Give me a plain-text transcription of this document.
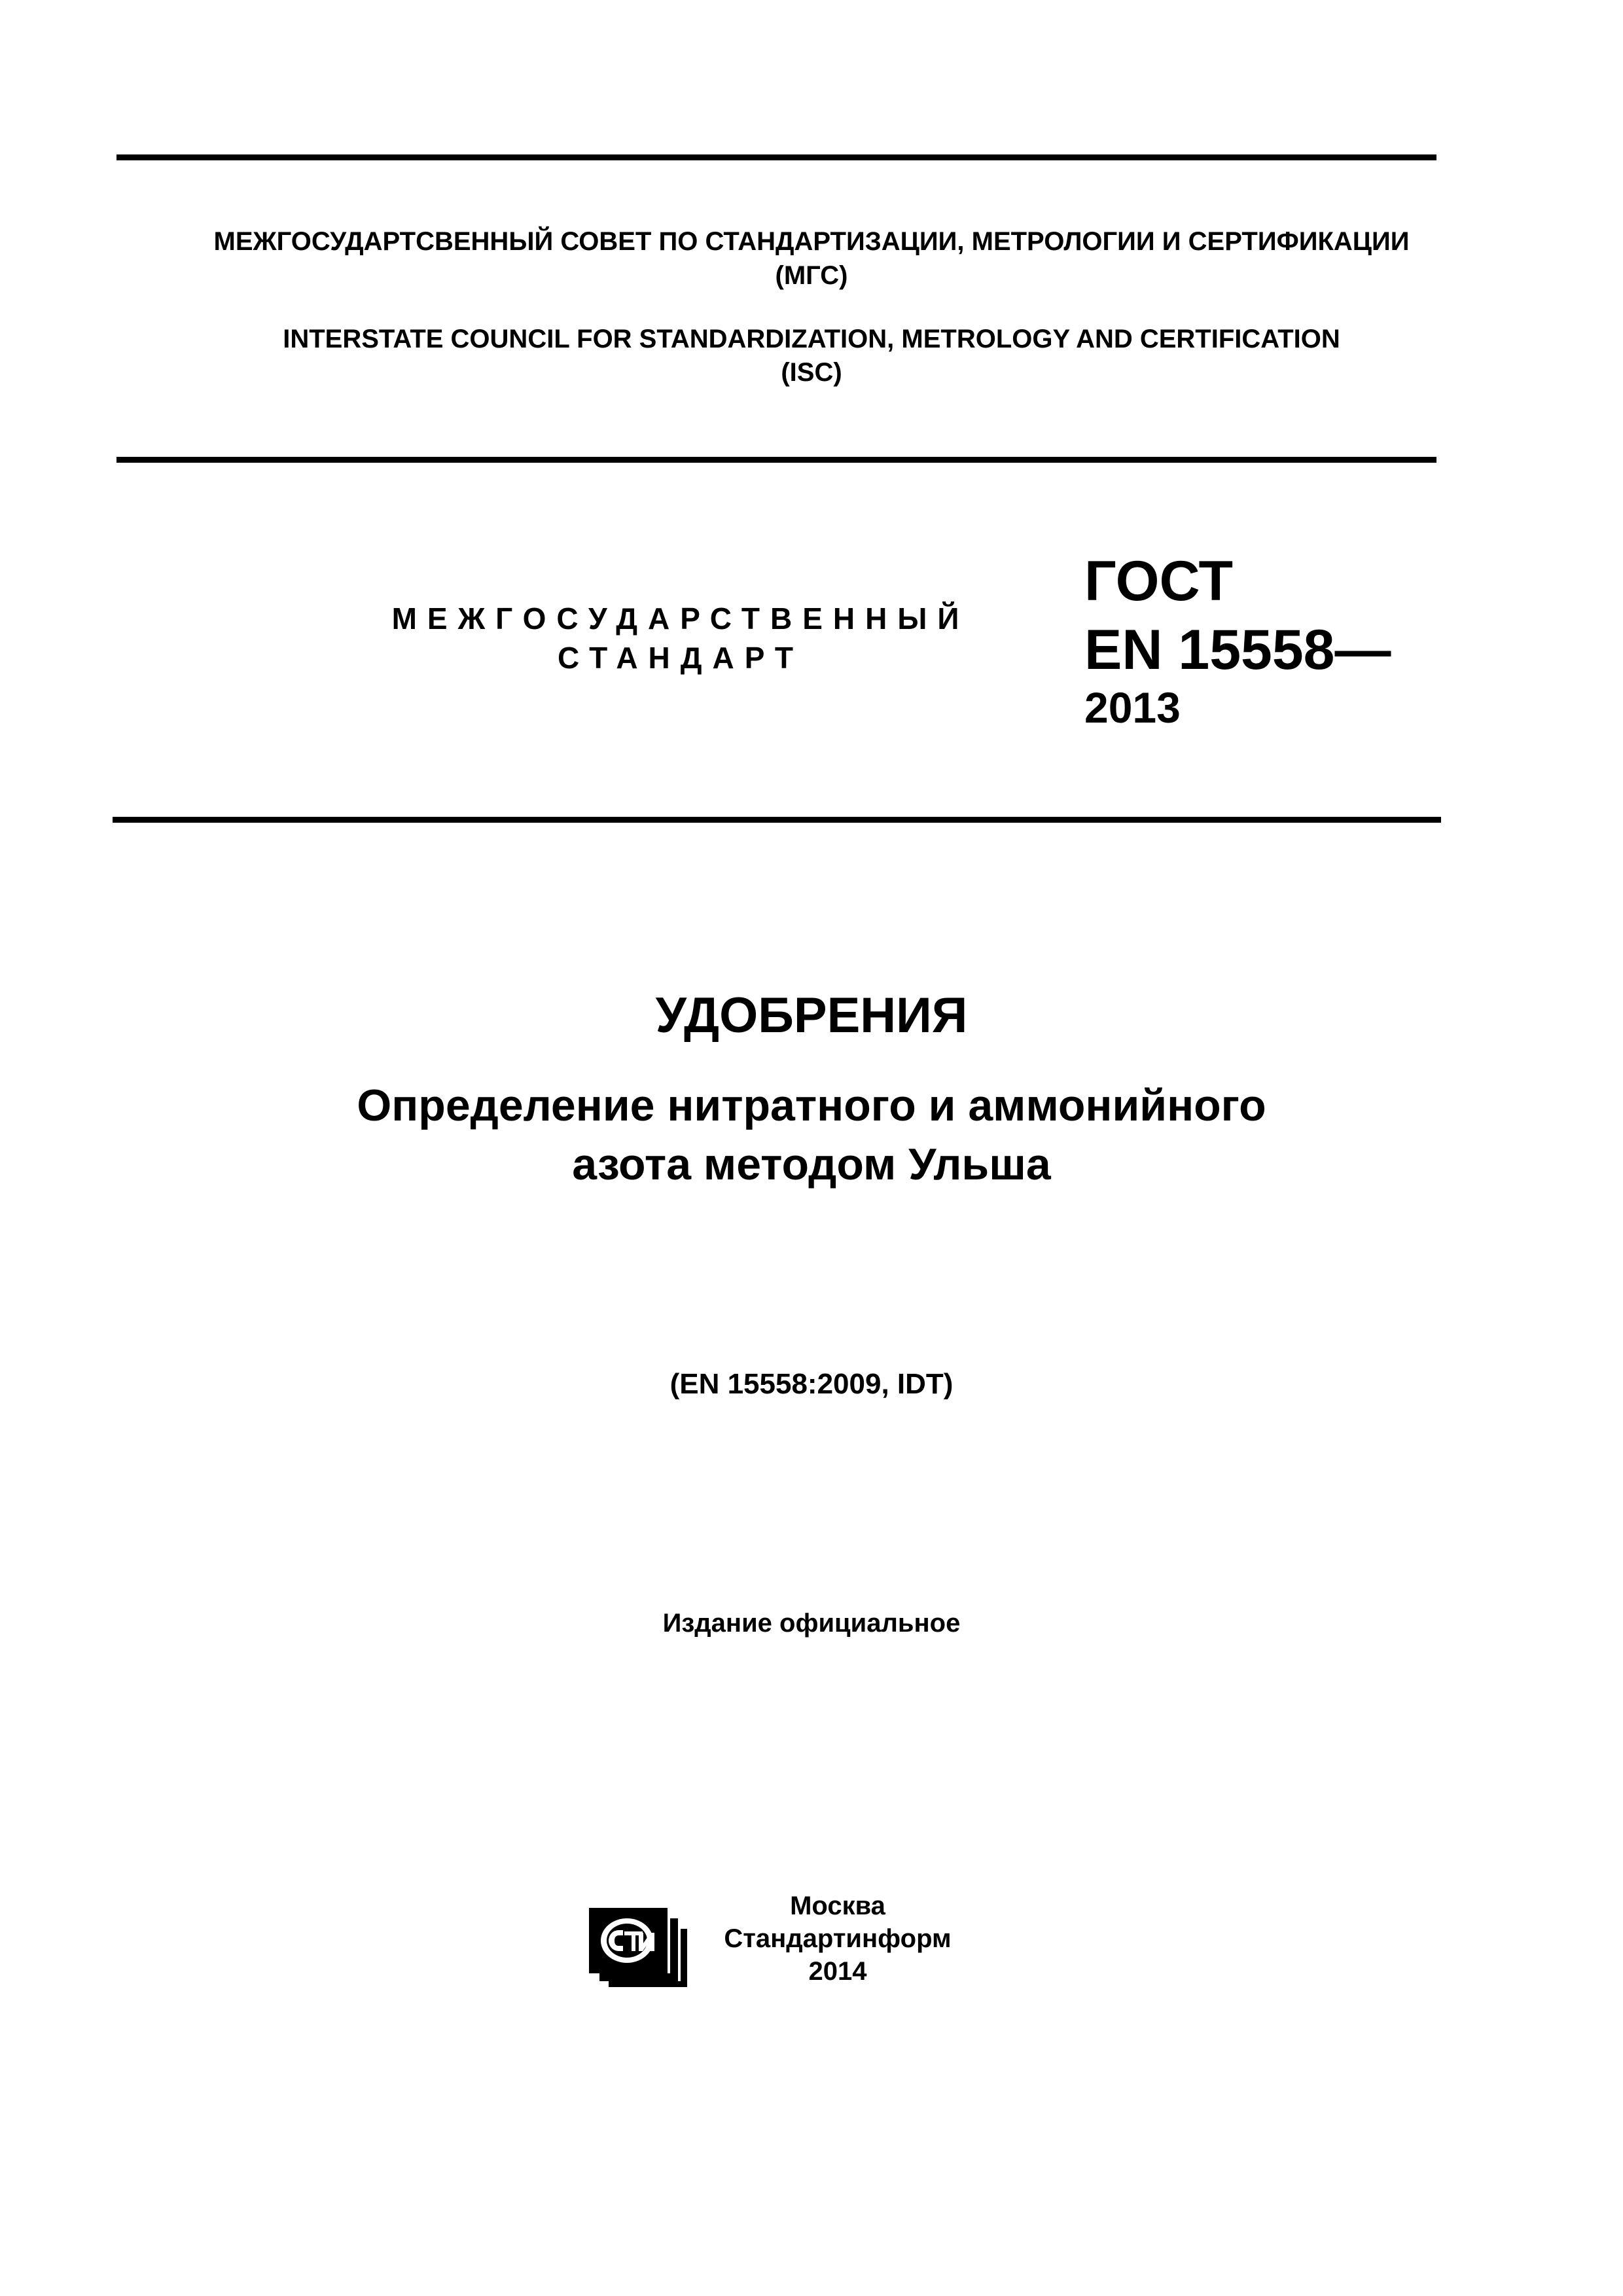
МЕЖГОСУДАРТСВЕННЫЙ СОВЕТ ПО СТАНДАРТИЗАЦИИ, МЕТРОЛОГИИ И СЕРТИФИКАЦИИ
(МГС)
INTERSTATE COUNCIL FOR STANDARDIZATION, METROLOGY AND CERTIFICATION
(ISC)
МЕЖГОСУДАРСТВЕННЫЙ
СТАНДАРТ
ГОСТ
EN 15558—
2013
УДОБРЕНИЯ
Определение нитратного и аммонийного
азота методом Ульша
(EN 15558:2009, IDT)
Издание официальное
Москва
Стандартинформ
2014
